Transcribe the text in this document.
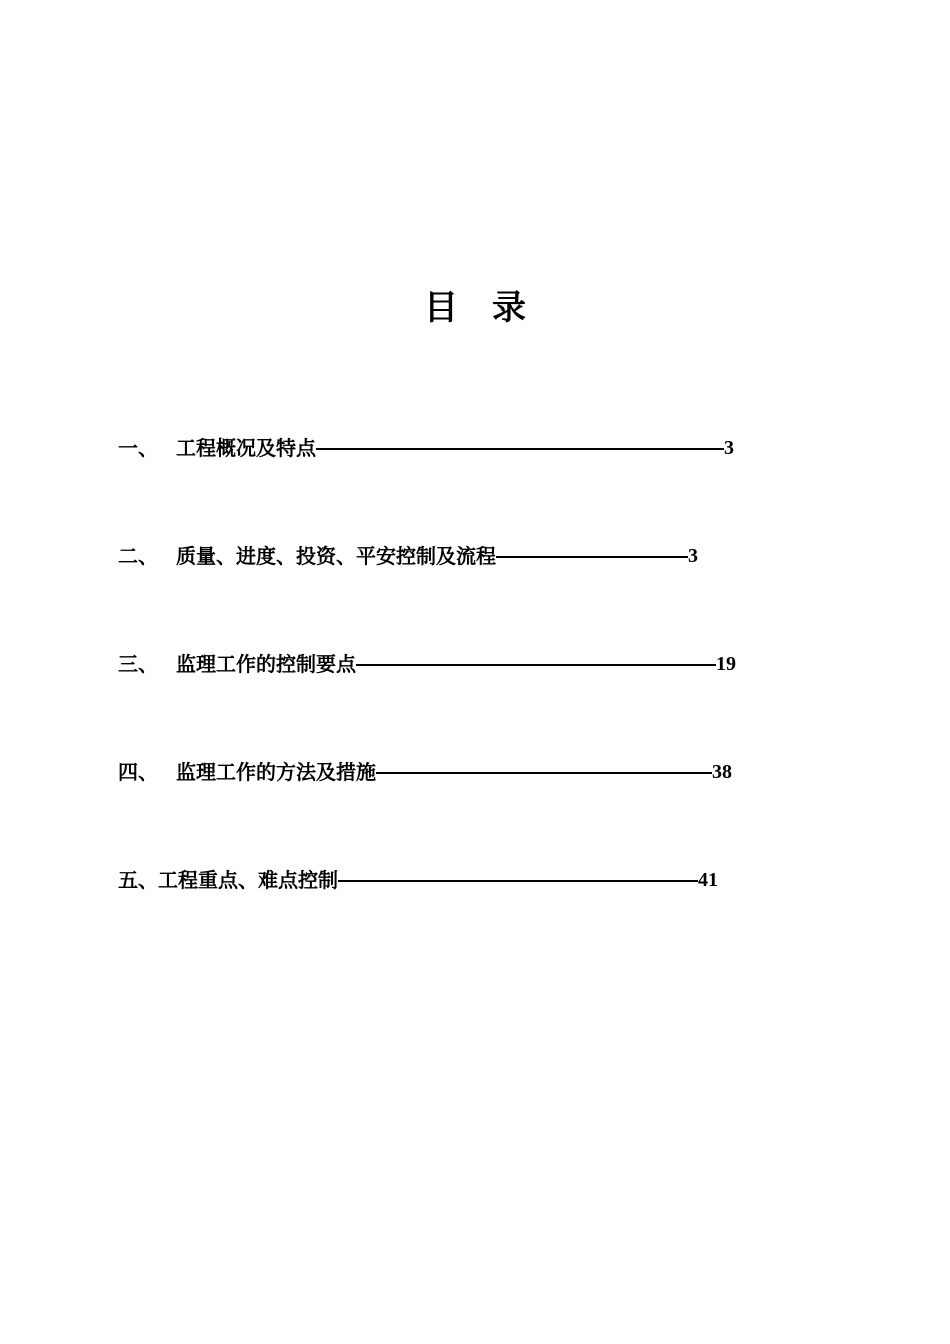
目　录
一、 工程概况及特点	3
二、 质量、进度、投资、平安控制及流程	3
三、 监理工作的控制要点	19
四、 监理工作的方法及措施	38
五、 工程重点、难点控制	41
